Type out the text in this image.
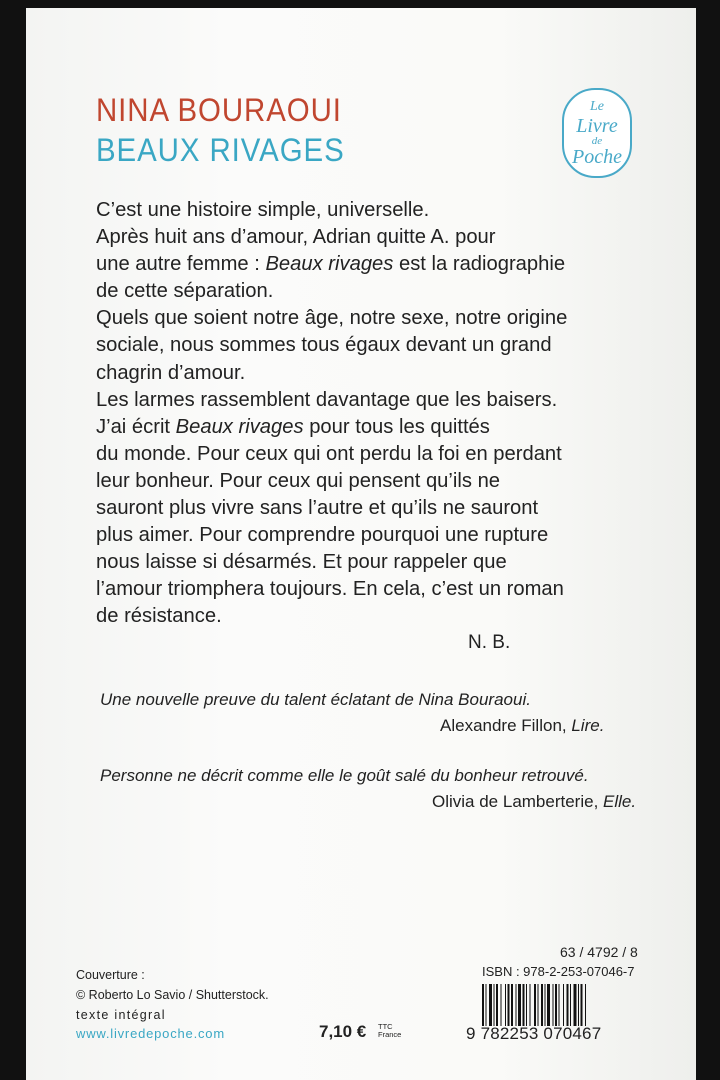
NINA BOURAOUI
BEAUX RIVAGES
Le
Livre
de
Poche
C’est une histoire simple, universelle.
Après huit ans d’amour, Adrian quitte A. pour
une autre femme : Beaux rivages est la radiographie
de cette séparation.
Quels que soient notre âge, notre sexe, notre origine
sociale, nous sommes tous égaux devant un grand
chagrin d’amour.
Les larmes rassemblent davantage que les baisers.
J’ai écrit Beaux rivages pour tous les quittés
du monde. Pour ceux qui ont perdu la foi en perdant
leur bonheur. Pour ceux qui pensent qu’ils ne
sauront plus vivre sans l’autre et qu’ils ne sauront
plus aimer. Pour comprendre pourquoi une rupture
nous laisse si désarmés. Et pour rappeler que
l’amour triomphera toujours. En cela, c’est un roman
de résistance.
N. B.
Une nouvelle preuve du talent éclatant de Nina Bouraoui.
Alexandre Fillon, Lire.
Personne ne décrit comme elle le goût salé du bonheur retrouvé.
Olivia de Lamberterie, Elle.
Couverture :
© Roberto Lo Savio / Shutterstock.
texte intégral
www.livredepoche.com	7,10 € TTC
France
63 / 4792 / 8
ISBN : 978-2-253-07046-7
9 782253 070467
